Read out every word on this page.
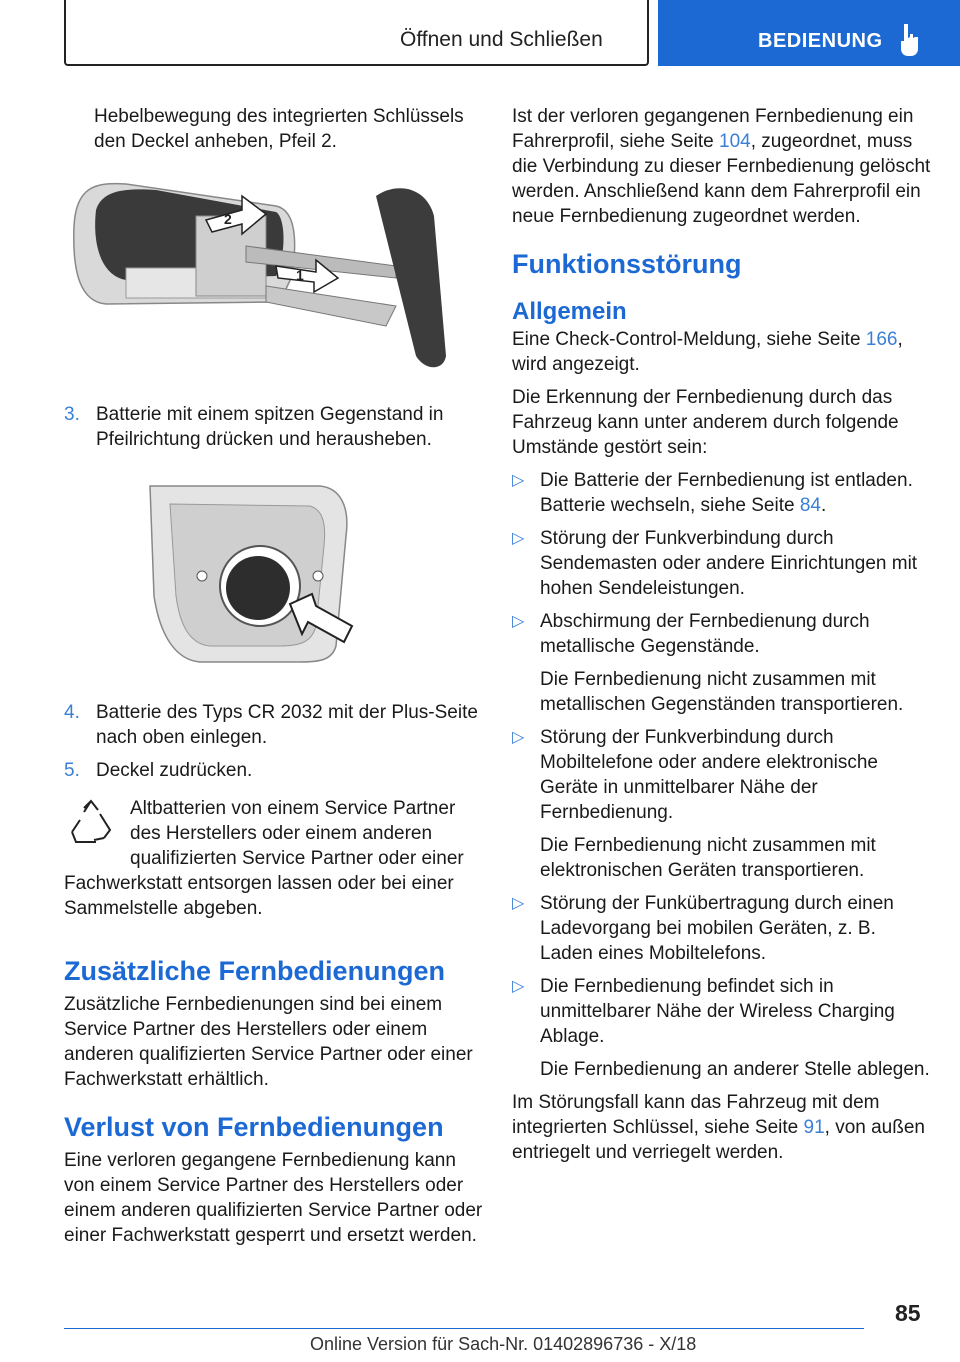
Öffnen und Schließen	BEDIENUNG
Hebelbewegung des integrierten Schlüssels den Deckel anheben, Pfeil 2.
2
1
3. Batterie mit einem spitzen Gegenstand in Pfeilrichtung drücken und herausheben.
4. Batterie des Typs CR 2032 mit der Plus-Seite nach oben einlegen.
5. Deckel zudrücken.
Altbatterien von einem Service Partner des Herstellers oder einem anderen qualifizierten Service Partner oder einer
Fachwerkstatt entsorgen lassen oder bei einer Sammelstelle abgeben.
Zusätzliche Fernbedienungen
Zusätzliche Fernbedienungen sind bei einem Service Partner des Herstellers oder einem anderen qualifizierten Service Partner oder einer Fachwerkstatt erhältlich.
Verlust von Fernbedienungen
Eine verloren gegangene Fernbedienung kann von einem Service Partner des Herstellers oder einem anderen qualifizierten Service Partner oder einer Fachwerkstatt gesperrt und ersetzt werden.
Ist der verloren gegangenen Fernbedienung ein Fahrerprofil, siehe Seite 104, zugeordnet, muss die Verbindung zu dieser Fernbedienung gelöscht werden. Anschließend kann dem Fahrerprofil ein neue Fernbedienung zugeordnet werden.
Funktionsstörung
Allgemein
Eine Check-Control-Meldung, siehe Seite 166, wird angezeigt.
Die Erkennung der Fernbedienung durch das Fahrzeug kann unter anderem durch folgende Umstände gestört sein:
▷ Die Batterie der Fernbedienung ist entladen. Batterie wechseln, siehe Seite 84.
▷ Störung der Funkverbindung durch Sendemasten oder andere Einrichtungen mit hohen Sendeleistungen.
▷ Abschirmung der Fernbedienung durch metallische Gegenstände.
Die Fernbedienung nicht zusammen mit metallischen Gegenständen transportieren.
▷ Störung der Funkverbindung durch Mobiltelefone oder andere elektronische Geräte in unmittelbarer Nähe der Fernbedienung.
Die Fernbedienung nicht zusammen mit elektronischen Geräten transportieren.
▷ Störung der Funkübertragung durch einen Ladevorgang bei mobilen Geräten, z. B. Laden eines Mobiltelefons.
▷ Die Fernbedienung befindet sich in unmittelbarer Nähe der Wireless Charging Ablage.
Die Fernbedienung an anderer Stelle ablegen.
Im Störungsfall kann das Fahrzeug mit dem integrierten Schlüssel, siehe Seite 91, von außen entriegelt und verriegelt werden.
85
Online Version für Sach-Nr. 01402896736 - X/18
